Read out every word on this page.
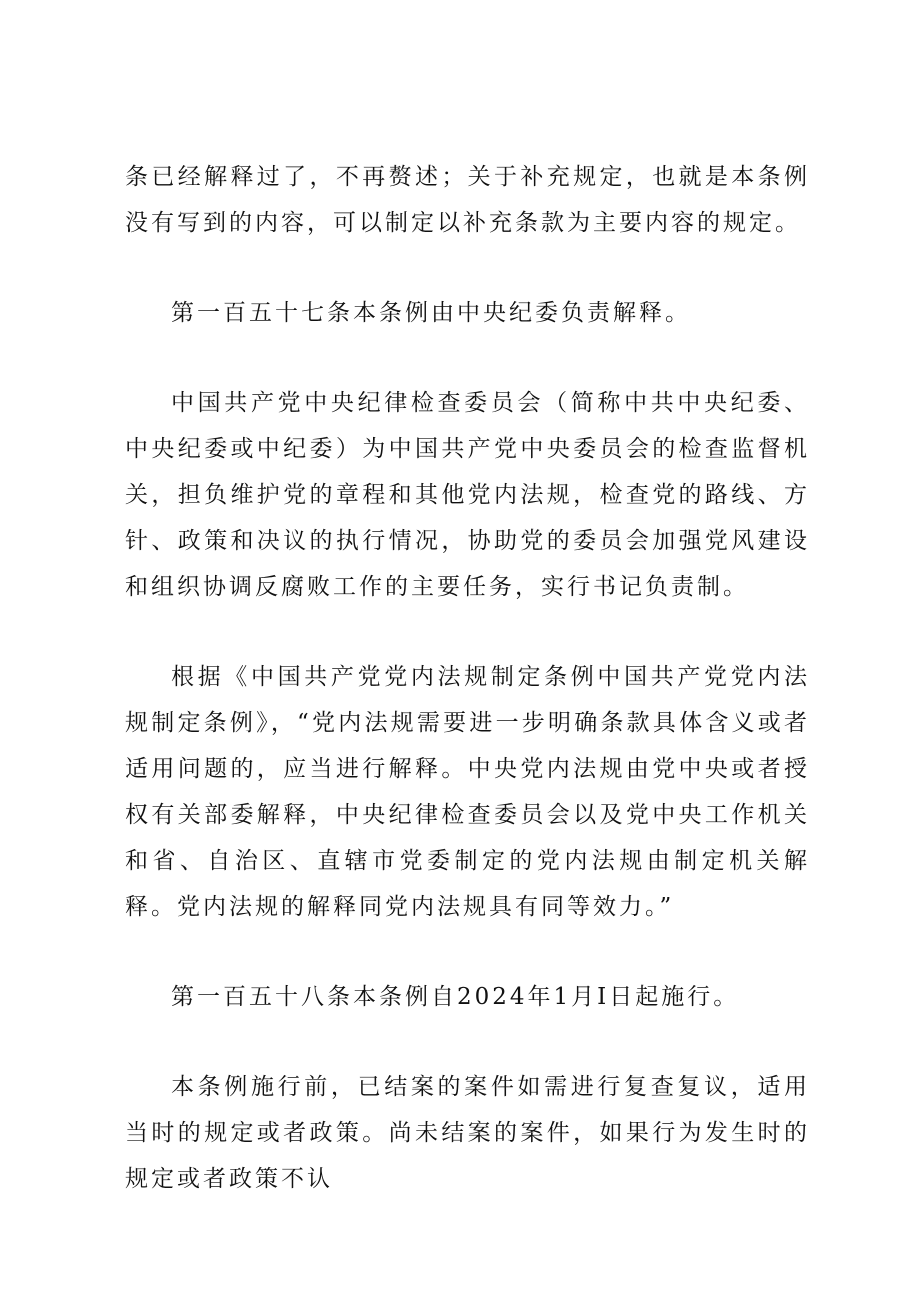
条已经解释过了，不再赘述；关于补充规定，也就是本条例没有写到的内容，可以制定以补充条款为主要内容的规定。

第一百五十七条本条例由中央纪委负责解释。

中国共产党中央纪律检查委员会（简称中共中央纪委、中央纪委或中纪委）为中国共产党中央委员会的检查监督机关，担负维护党的章程和其他党内法规，检查党的路线、方针、政策和决议的执行情况，协助党的委员会加强党风建设和组织协调反腐败工作的主要任务，实行书记负责制。

根据《中国共产党党内法规制定条例中国共产党党内法规制定条例》，“党内法规需要进一步明确条款具体含义或者适用问题的，应当进行解释。中央党内法规由党中央或者授权有关部委解释，中央纪律检查委员会以及党中央工作机关和省、自治区、直辖市党委制定的党内法规由制定机关解释。党内法规的解释同党内法规具有同等效力。”

第一百五十八条本条例自2024年1月I日起施行。

本条例施行前，已结案的案件如需进行复查复议，适用当时的规定或者政策。尚未结案的案件，如果行为发生时的规定或者政策不认
